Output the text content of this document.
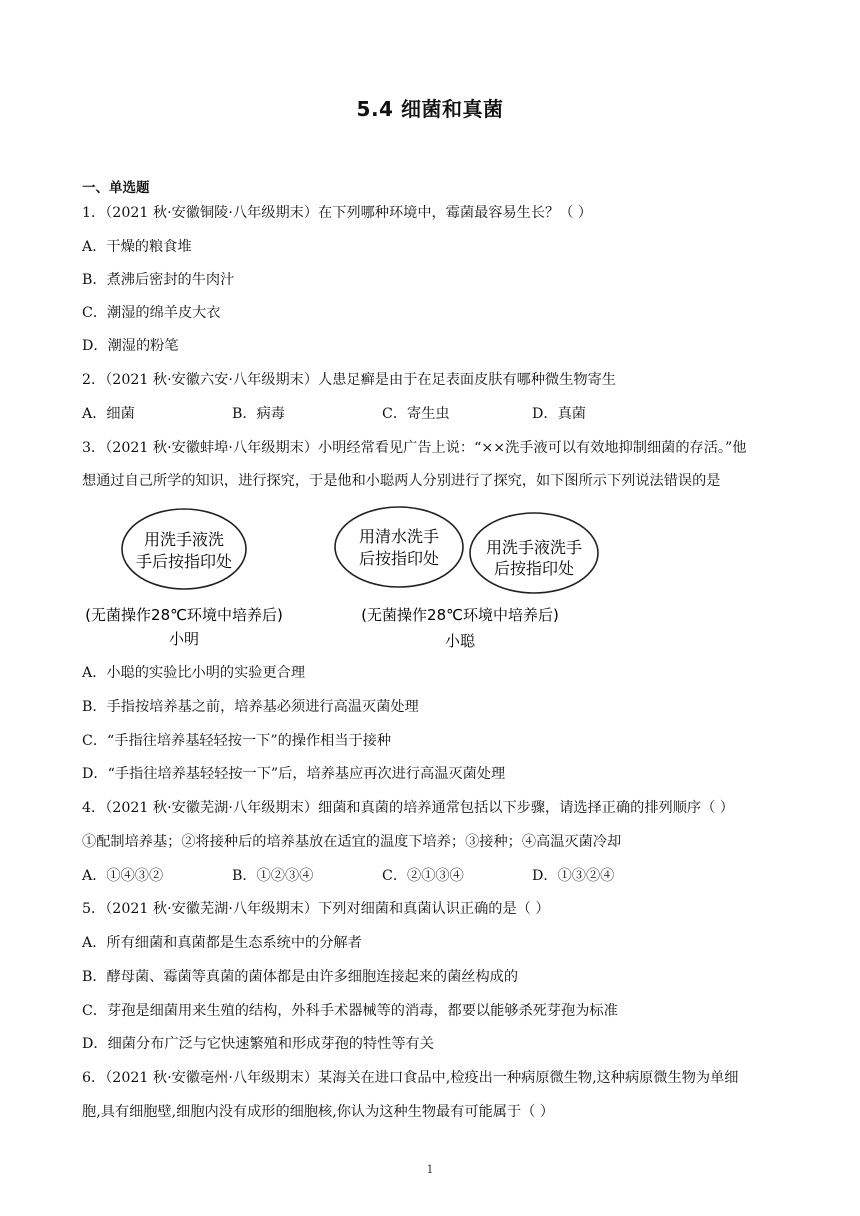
5.4 细菌和真菌
一、单选题
1．（2021 秋·安徽铜陵·八年级期末）在下列哪种环境中，霉菌最容易生长？（ ）
A．干燥的粮食堆
B．煮沸后密封的牛肉汁
C．潮湿的绵羊皮大衣
D．潮湿的粉笔
2．（2021 秋·安徽六安·八年级期末）人患足癣是由于在足表面皮肤有哪种微生物寄生
A．细菌	B．病毒	C．寄生虫	D．真菌
3．（2021 秋·安徽蚌埠·八年级期末）小明经常看见广告上说：“××洗手液可以有效地抑制细菌的存活。”他
想通过自己所学的知识，进行探究，于是他和小聪两人分别进行了探究，如下图所示下列说法错误的是
用洗手液洗
手后按指印处
用清水洗手
后按指印处
用洗手液洗手
后按指印处
(无菌操作28℃环境中培养后)
小明
(无菌操作28℃环境中培养后)
小聪
A．小聪的实验比小明的实验更合理
B．手指按培养基之前，培养基必须进行高温灭菌处理
C．“手指往培养基轻轻按一下”的操作相当于接种
D．“手指往培养基轻轻按一下”后，培养基应再次进行高温灭菌处理
4．（2021 秋·安徽芜湖·八年级期末）细菌和真菌的培养通常包括以下步骤，请选择正确的排列顺序（ ）
①配制培养基；②将接种后的培养基放在适宜的温度下培养；③接种；④高温灭菌冷却
A．①④③②	B．①②③④	C．②①③④	D．①③②④
5．（2021 秋·安徽芜湖·八年级期末）下列对细菌和真菌认识正确的是（ ）
A．所有细菌和真菌都是生态系统中的分解者
B．酵母菌、霉菌等真菌的菌体都是由许多细胞连接起来的菌丝构成的
C．芽孢是细菌用来生殖的结构，外科手术器械等的消毒，都要以能够杀死芽孢为标准
D．细菌分布广泛与它快速繁殖和形成芽孢的特性等有关
6．（2021 秋·安徽亳州·八年级期末）某海关在进口食品中,检疫出一种病原微生物,这种病原微生物为单细
胞,具有细胞壁,细胞内没有成形的细胞核,你认为这种生物最有可能属于（ ）
1
